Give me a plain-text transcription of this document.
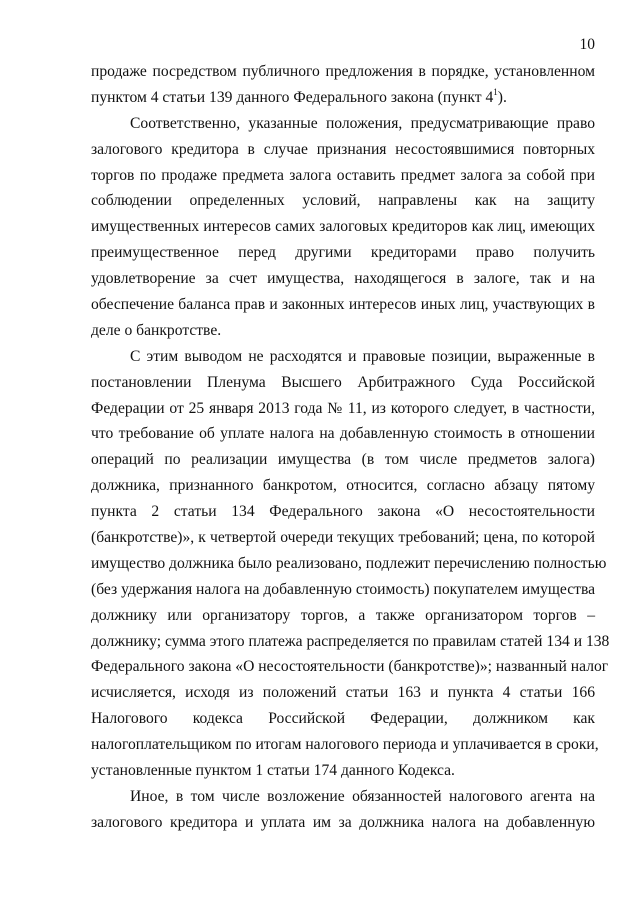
10
продаже посредством публичного предложения в порядке, установленном
пунктом 4 статьи 139 данного Федерального закона (пункт $4^1$).
Соответственно, указанные положения, предусматривающие право
залогового кредитора в случае признания несостоявшимися повторных
торгов по продаже предмета залога оставить предмет залога за собой при
соблюдении определенных условий, направлены как на защиту
имущественных интересов самих залоговых кредиторов как лиц, имеющих
преимущественное перед другими кредиторами право получить
удовлетворение за счет имущества, находящегося в залоге, так и на
обеспечение баланса прав и законных интересов иных лиц, участвующих в
деле о банкротстве.
С этим выводом не расходятся и правовые позиции, выраженные в
постановлении Пленума Высшего Арбитражного Суда Российской
Федерации от 25 января 2013 года № 11, из которого следует, в частности,
что требование об уплате налога на добавленную стоимость в отношении
операций по реализации имущества (в том числе предметов залога)
должника, признанного банкротом, относится, согласно абзацу пятому
пункта 2 статьи 134 Федерального закона «О несостоятельности
(банкротстве)», к четвертой очереди текущих требований; цена, по которой
имущество должника было реализовано, подлежит перечислению полностью
(без удержания налога на добавленную стоимость) покупателем имущества
должнику или организатору торгов, а также организатором торгов –
должнику; сумма этого платежа распределяется по правилам статей 134 и 138
Федерального закона «О несостоятельности (банкротстве)»; названный налог
исчисляется, исходя из положений статьи 163 и пункта 4 статьи 166
Налогового кодекса Российской Федерации, должником как
налогоплательщиком по итогам налогового периода и уплачивается в сроки,
установленные пунктом 1 статьи 174 данного Кодекса.
Иное, в том числе возложение обязанностей налогового агента на
залогового кредитора и уплата им за должника налога на добавленную
